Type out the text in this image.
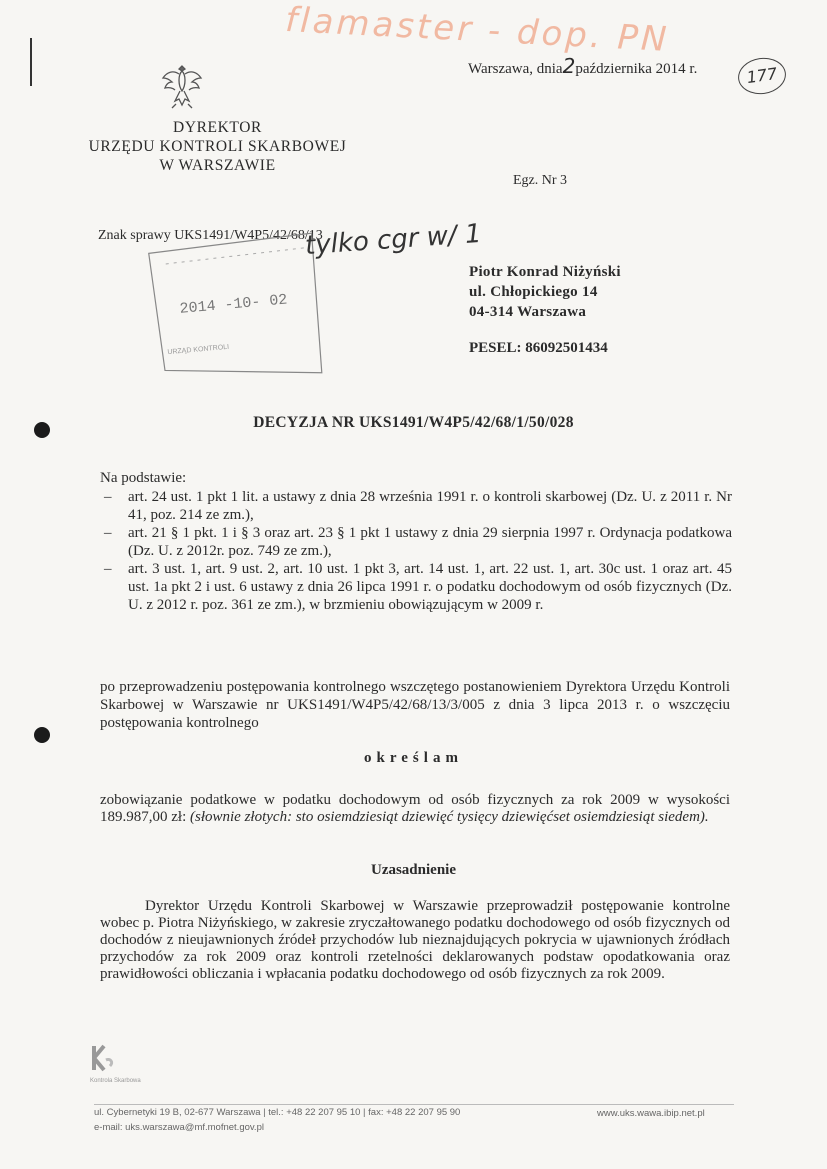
flamaster - dop. PN
177
Warszawa, dnia2października 2014 r.
DYREKTOR
URZĘDU KONTROLI SKARBOWEJ
W WARSZAWIE
Egz. Nr 3
Znak sprawy UKS1491/W4P5/42/68/13
2014 -10- 02
URZĄD KONTROLI
tylko cgr w/ 1
Piotr Konrad Niżyński
ul. Chłopickiego 14
04-314 Warszawa
PESEL: 86092501434
DECYZJA NR UKS1491/W4P5/42/68/1/50/028
Na podstawie:
– art. 24 ust. 1 pkt 1 lit. a ustawy z dnia 28 września 1991 r. o kontroli skarbowej (Dz. U. z 2011 r. Nr 41, poz. 214 ze zm.),
– art. 21 § 1 pkt. 1 i § 3 oraz art. 23 § 1 pkt 1 ustawy z dnia 29 sierpnia 1997 r. Ordynacja podatkowa (Dz. U. z 2012r. poz. 749 ze zm.),
– art. 3 ust. 1, art. 9 ust. 2, art. 10 ust. 1 pkt 3, art. 14 ust. 1, art. 22 ust. 1, art. 30c ust. 1 oraz art. 45 ust. 1a pkt 2 i ust. 6 ustawy z dnia 26 lipca 1991 r. o podatku dochodowym od osób fizycznych (Dz. U. z 2012 r. poz. 361 ze zm.), w brzmieniu obowiązującym w 2009 r.
po przeprowadzeniu postępowania kontrolnego wszczętego postanowieniem Dyrektora Urzędu Kontroli Skarbowej w Warszawie nr UKS1491/W4P5/42/68/13/3/005 z dnia 3 lipca 2013 r. o wszczęciu postępowania kontrolnego
określam
zobowiązanie podatkowe w podatku dochodowym od osób fizycznych za rok 2009 w wysokości 189.987,00 zł: (słownie złotych: sto osiemdziesiąt dziewięć tysięcy dziewięćset osiemdziesiąt siedem).
Uzasadnienie
Dyrektor Urzędu Kontroli Skarbowej w Warszawie przeprowadził postępowanie kontrolne wobec p. Piotra Niżyńskiego, w zakresie zryczałtowanego podatku dochodowego od osób fizycznych od dochodów z nieujawnionych źródeł przychodów lub nieznajdujących pokrycia w ujawnionych źródłach przychodów za rok 2009 oraz kontroli rzetelności deklarowanych podstaw opodatkowania oraz prawidłowości obliczania i wpłacania podatku dochodowego od osób fizycznych za rok 2009.
Kontrola Skarbowa
ul. Cybernetyki 19 B, 02-677 Warszawa | tel.: +48 22 207 95 10 | fax: +48 22 207 95 90
e-mail: uks.warszawa@mf.mofnet.gov.pl
www.uks.wawa.ibip.net.pl
